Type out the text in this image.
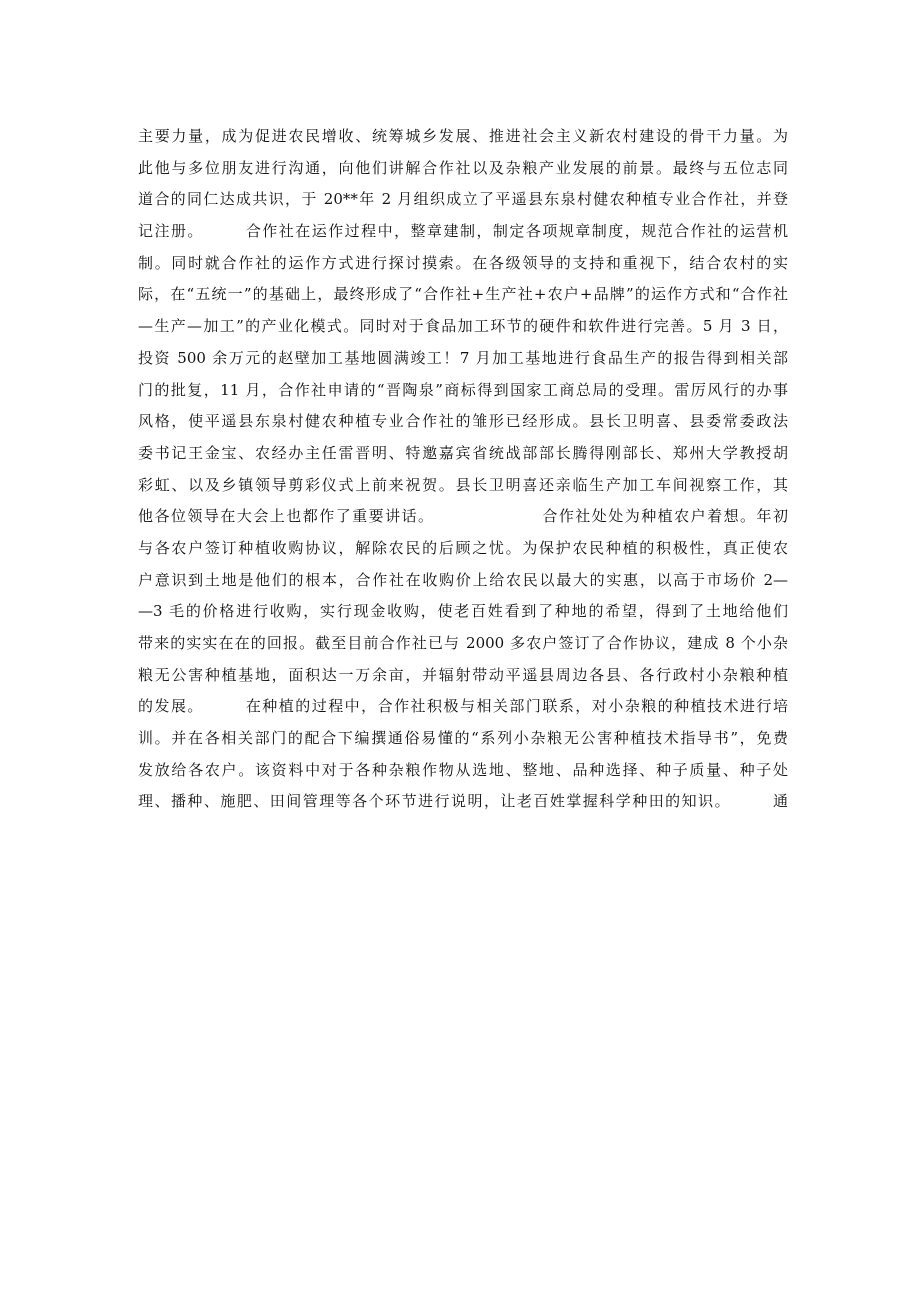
主要力量，成为促进农民增收、统筹城乡发展、推进社会主义新农村建设的骨干力量。为
此他与多位朋友进行沟通，向他们讲解合作社以及杂粮产业发展的前景。最终与五位志同
道合的同仁达成共识，于 20**年 2 月组织成立了平遥县东泉村健农种植专业合作社，并登
记注册。　　　合作社在运作过程中，整章建制，制定各项规章制度，规范合作社的运营机
制。同时就合作社的运作方式进行探讨摸索。在各级领导的支持和重视下，结合农村的实
际，在“五统一”的基础上，最终形成了“合作社+生产社+农户+品牌”的运作方式和“合作社
—生产—加工”的产业化模式。同时对于食品加工环节的硬件和软件进行完善。5 月 3 日，
投资 500 余万元的赵壁加工基地圆满竣工！7 月加工基地进行食品生产的报告得到相关部
门的批复，11 月，合作社申请的“晋陶泉”商标得到国家工商总局的受理。雷厉风行的办事
风格，使平遥县东泉村健农种植专业合作社的雏形已经形成。县长卫明喜、县委常委政法
委书记王金宝、农经办主任雷晋明、特邀嘉宾省统战部部长腾得刚部长、郑州大学教授胡
彩虹、以及乡镇领导剪彩仪式上前来祝贺。县长卫明喜还亲临生产加工车间视察工作，其
他各位领导在大会上也都作了重要讲话。　　　　　　　合作社处处为种植农户着想。年初
与各农户签订种植收购协议，解除农民的后顾之忧。为保护农民种植的积极性，真正使农
户意识到土地是他们的根本，合作社在收购价上给农民以最大的实惠，以高于市场价 2—
—3 毛的价格进行收购，实行现金收购，使老百姓看到了种地的希望，得到了土地给他们
带来的实实在在的回报。截至目前合作社已与 2000 多农户签订了合作协议，建成 8 个小杂
粮无公害种植基地，面积达一万余亩，并辐射带动平遥县周边各县、各行政村小杂粮种植
的发展。　　　在种植的过程中，合作社积极与相关部门联系，对小杂粮的种植技术进行培
训。并在各相关部门的配合下编撰通俗易懂的“系列小杂粮无公害种植技术指导书”，免费
发放给各农户。该资料中对于各种杂粮作物从选地、整地、品种选择、种子质量、种子处
理、播种、施肥、田间管理等各个环节进行说明，让老百姓掌握科学种田的知识。　　　通
